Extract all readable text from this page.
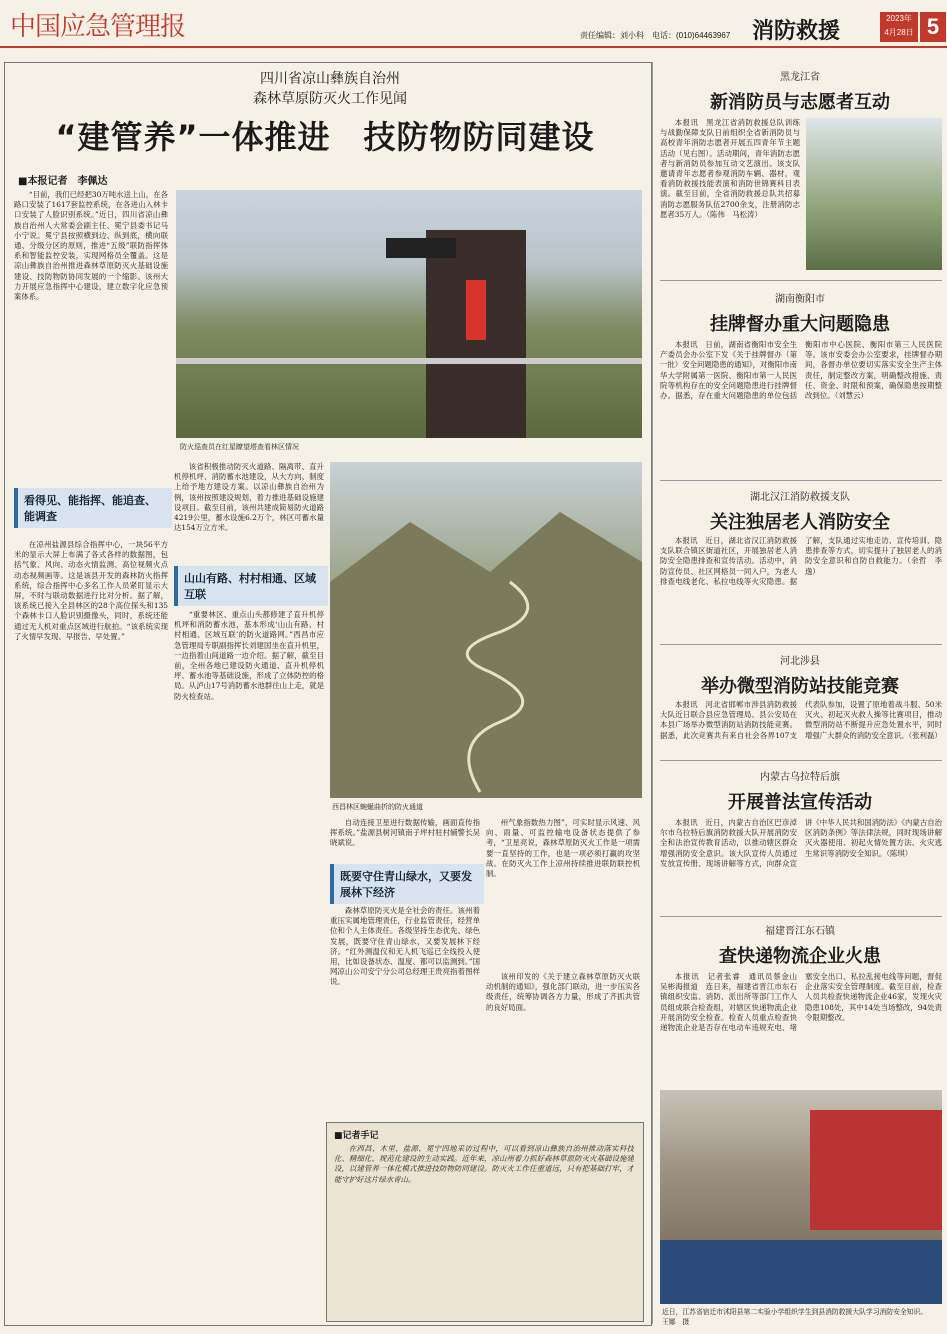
中国应急管理报	责任编辑：刘小科　电话：(010)64463967 消防救援
2023年
4月28日 5
四川省凉山彝族自治州
森林草原防灭火工作见闻
“建管养”一体推进　技防物防同建设
■本报记者　李佩达
“目前，我们已经把30万吨水送上山，在各路口安装了1617套监控系统，在各进山入林卡口安装了人脸识别系统。”近日，四川省凉山彝族自治州人大常委会副主任、冕宁县委书记马小宁说。冕宁县按照横到边、纵到底，横向联通、分级分区的原则，推进“五级”联防指挥体系和智能监控安装，实现网格员全覆盖。这是凉山彝族自治州推进森林草原防灭火基础设施建设、技防物防协同发展的一个缩影。该州大力开展应急指挥中心建设，建立数字化应急预案体系。
防火巡查员在红星瞭望塔查看林区情况
看得见、能指挥、能追查、能调查
在凉州盐源县综合指挥中心，一块56平方米的显示大屏上布满了各式各样的数据图，包括气象、风向、动态火情监测、高位视频火点动态视频画等。这是该县开发的森林防火指挥系统，综合指挥中心多名工作人员紧盯显示大屏，不时与联动数据进行比对分析。据了解，该系统已接入全县林区的28个高位探头和135个森林卡口人脸识别摄像头，同时，系统还能通过无人机对重点区域进行航拍。“该系统实现了火情早发现、早报告、早处置。”
该省积极推动防灭火道路、隔离带、直升机停机坪、消防蓄水池建设，从大方向、制度上给予地方建设方案。以凉山彝族自治州为例，该州按照建设规划，着力推进基础设施建设项目。截至目前，该州共建成简易防火道路4219公里，蓄水设施6.2万个，林区可蓄水量达154万立方米。
山山有路、村村相通、区域互联
“重要林区、重点山头都修建了直升机停机坪和消防蓄水池，基本形成‘山山有路、村村相通、区域互联’的防火道路网。”西昌市应急管理局专职副指挥长刘建国坐在直升机里，一边指着山间道路一边介绍。据了解，截至目前，全州各地已建设防火通道、直升机停机坪、蓄水池等基础设施，形成了立体防控的格局。从泸山17号消防蓄水池群往山上走，就是防火检查站。
西昌林区蜿蜒曲折的防火通道
自动连接卫星进行数据传输，画面直传指挥系统。”盐源县树河镇南子坪村驻村辅警长吴晓斌说。
既要守住青山绿水，又要发展林下经济
森林草原防灭火是全社会的责任。该州着重压实属地管理责任，行业监管责任，经营单位和个人主体责任。各级坚持生态优先、绿色发展，既要守住青山绿水，又要发展林下经济。“红外测温仪和无人机飞巡已全线投入使用，比如设备状态、温度、都可以监测到。”国网凉山公司安宁分公司总经理王贵亮指着图样说。
州气象指数热力图”，可实时显示风速、风向、雨量、可监控输电设备状态提供了参考，“卫星亮说，森林草原防灭火工作是一项需要一直坚持的工作，也是一项必须打赢的攻坚战。在防灭火工作上凉州持续推进联防联控机制。
该州印发的《关于建立森林草原防灭火联动机制的通知》，强化部门联动，进一步压实各级责任，统筹协调各方力量，形成了齐抓共管的良好局面。
■记者手记
在西昌、木里、盐源、冕宁四地采访过程中，可以看到凉山彝族自治州推动落实科技化、精细化、规范化建设的生动实践。近年来，凉山州着力抓好森林草原防灭火基础设施建设，以建管养一体化模式推进技防物防同建设。防灭火工作任重道远，只有把基础打牢，才能守护好这片绿水青山。
黑龙江省
新消防员与志愿者互动
本报讯　黑龙江省消防救援总队训练与战勤保障支队日前组织全省新消防员与高校青年消防志愿者开展五四青年节主题活动（见右图）。活动期间，青年消防志愿者与新消防员参加互动文艺演出。该支队邀请青年志愿者参观消防车辆、器材，观看消防救援技能表演和消防世锦赛科目表演。截至目前，全省消防救援总队共招募消防志愿服务队伍2700余支，注册消防志愿者35万人。（陈伟　马松涛）
湖南衡阳市
挂牌督办重大问题隐患
本报讯　日前，湖南省衡阳市安全生产委员会办公室下发《关于挂牌督办（第一批）安全问题隐患的通知》，对衡阳市南华大学附属第一医院、衡阳市第一人民医院等机构存在的安全问题隐患进行挂牌督办。据悉，存在重大问题隐患的单位包括衡阳市中心医院、衡阳市第三人民医院等。该市安委会办公室要求，挂牌督办期间，各督办单位要切实落实安全生产主体责任，制定整改方案，明确整改措施、责任、资金、时限和预案，确保隐患按期整改到位。（刘慧云）
湖北汉江消防救援支队
关注独居老人消防安全
本报讯　近日，湖北省汉江消防救援支队联合镇区街道社区，开展独居老人消防安全隐患排查和宣传活动。活动中，消防宣传员、社区网格员一同入户，为老人排查电线老化、私拉电线等火灾隐患。据了解，支队通过实地走访、宣传培训、隐患排查等方式，切实提升了独居老人的消防安全意识和自防自救能力。（余哲　李逸）
河北涉县
举办微型消防站技能竞赛
本报讯　河北省邯郸市涉县消防救援大队近日联合县应急管理局、县公安局在本县广场举办微型消防站消防技能竞赛。据悉，此次竞赛共有来自社会各界107支代表队参加，设置了原地着战斗服、50米灭火、初起灭火救人操等比赛项目，推动微型消防站不断提升应急处置水平，同时增强广大群众的消防安全意识。（张利磊）
内蒙古乌拉特后旗
开展普法宣传活动
本报讯　近日，内蒙古自治区巴彦淖尔市乌拉特后旗消防救援大队开展消防安全和法治宣传教育活动，以推动辖区群众增强消防安全意识。该大队宣传人员通过发放宣传册、现场讲解等方式，向群众宣讲《中华人民共和国消防法》《内蒙古自治区消防条例》等法律法规，同时现场讲解灭火器使用、初起火情处置方法、火灾逃生常识等消防安全知识。（陈琪）
福建晋江东石镇
查快递物流企业火患
本报讯　记者张睿　通讯员蔡金山　吴彬海报道　连日来，福建省晋江市东石镇组织安监、消防、派出所等部门工作人员组成联合检查组，对辖区快递物流企业开展消防安全检查。检查人员重点检查快递物流企业是否存在电动车违规充电、堵塞安全出口、私拉乱接电线等问题，督促企业落实安全管理制度。截至目前，检查人员共检查快递物流企业46家，发现火灾隐患108处，其中14处当场整改，94处责令限期整改。
近日，江苏省宿迁市沭阳县第二实验小学组织学生到县消防救援大队学习消防安全知识。　　王娜　摄
